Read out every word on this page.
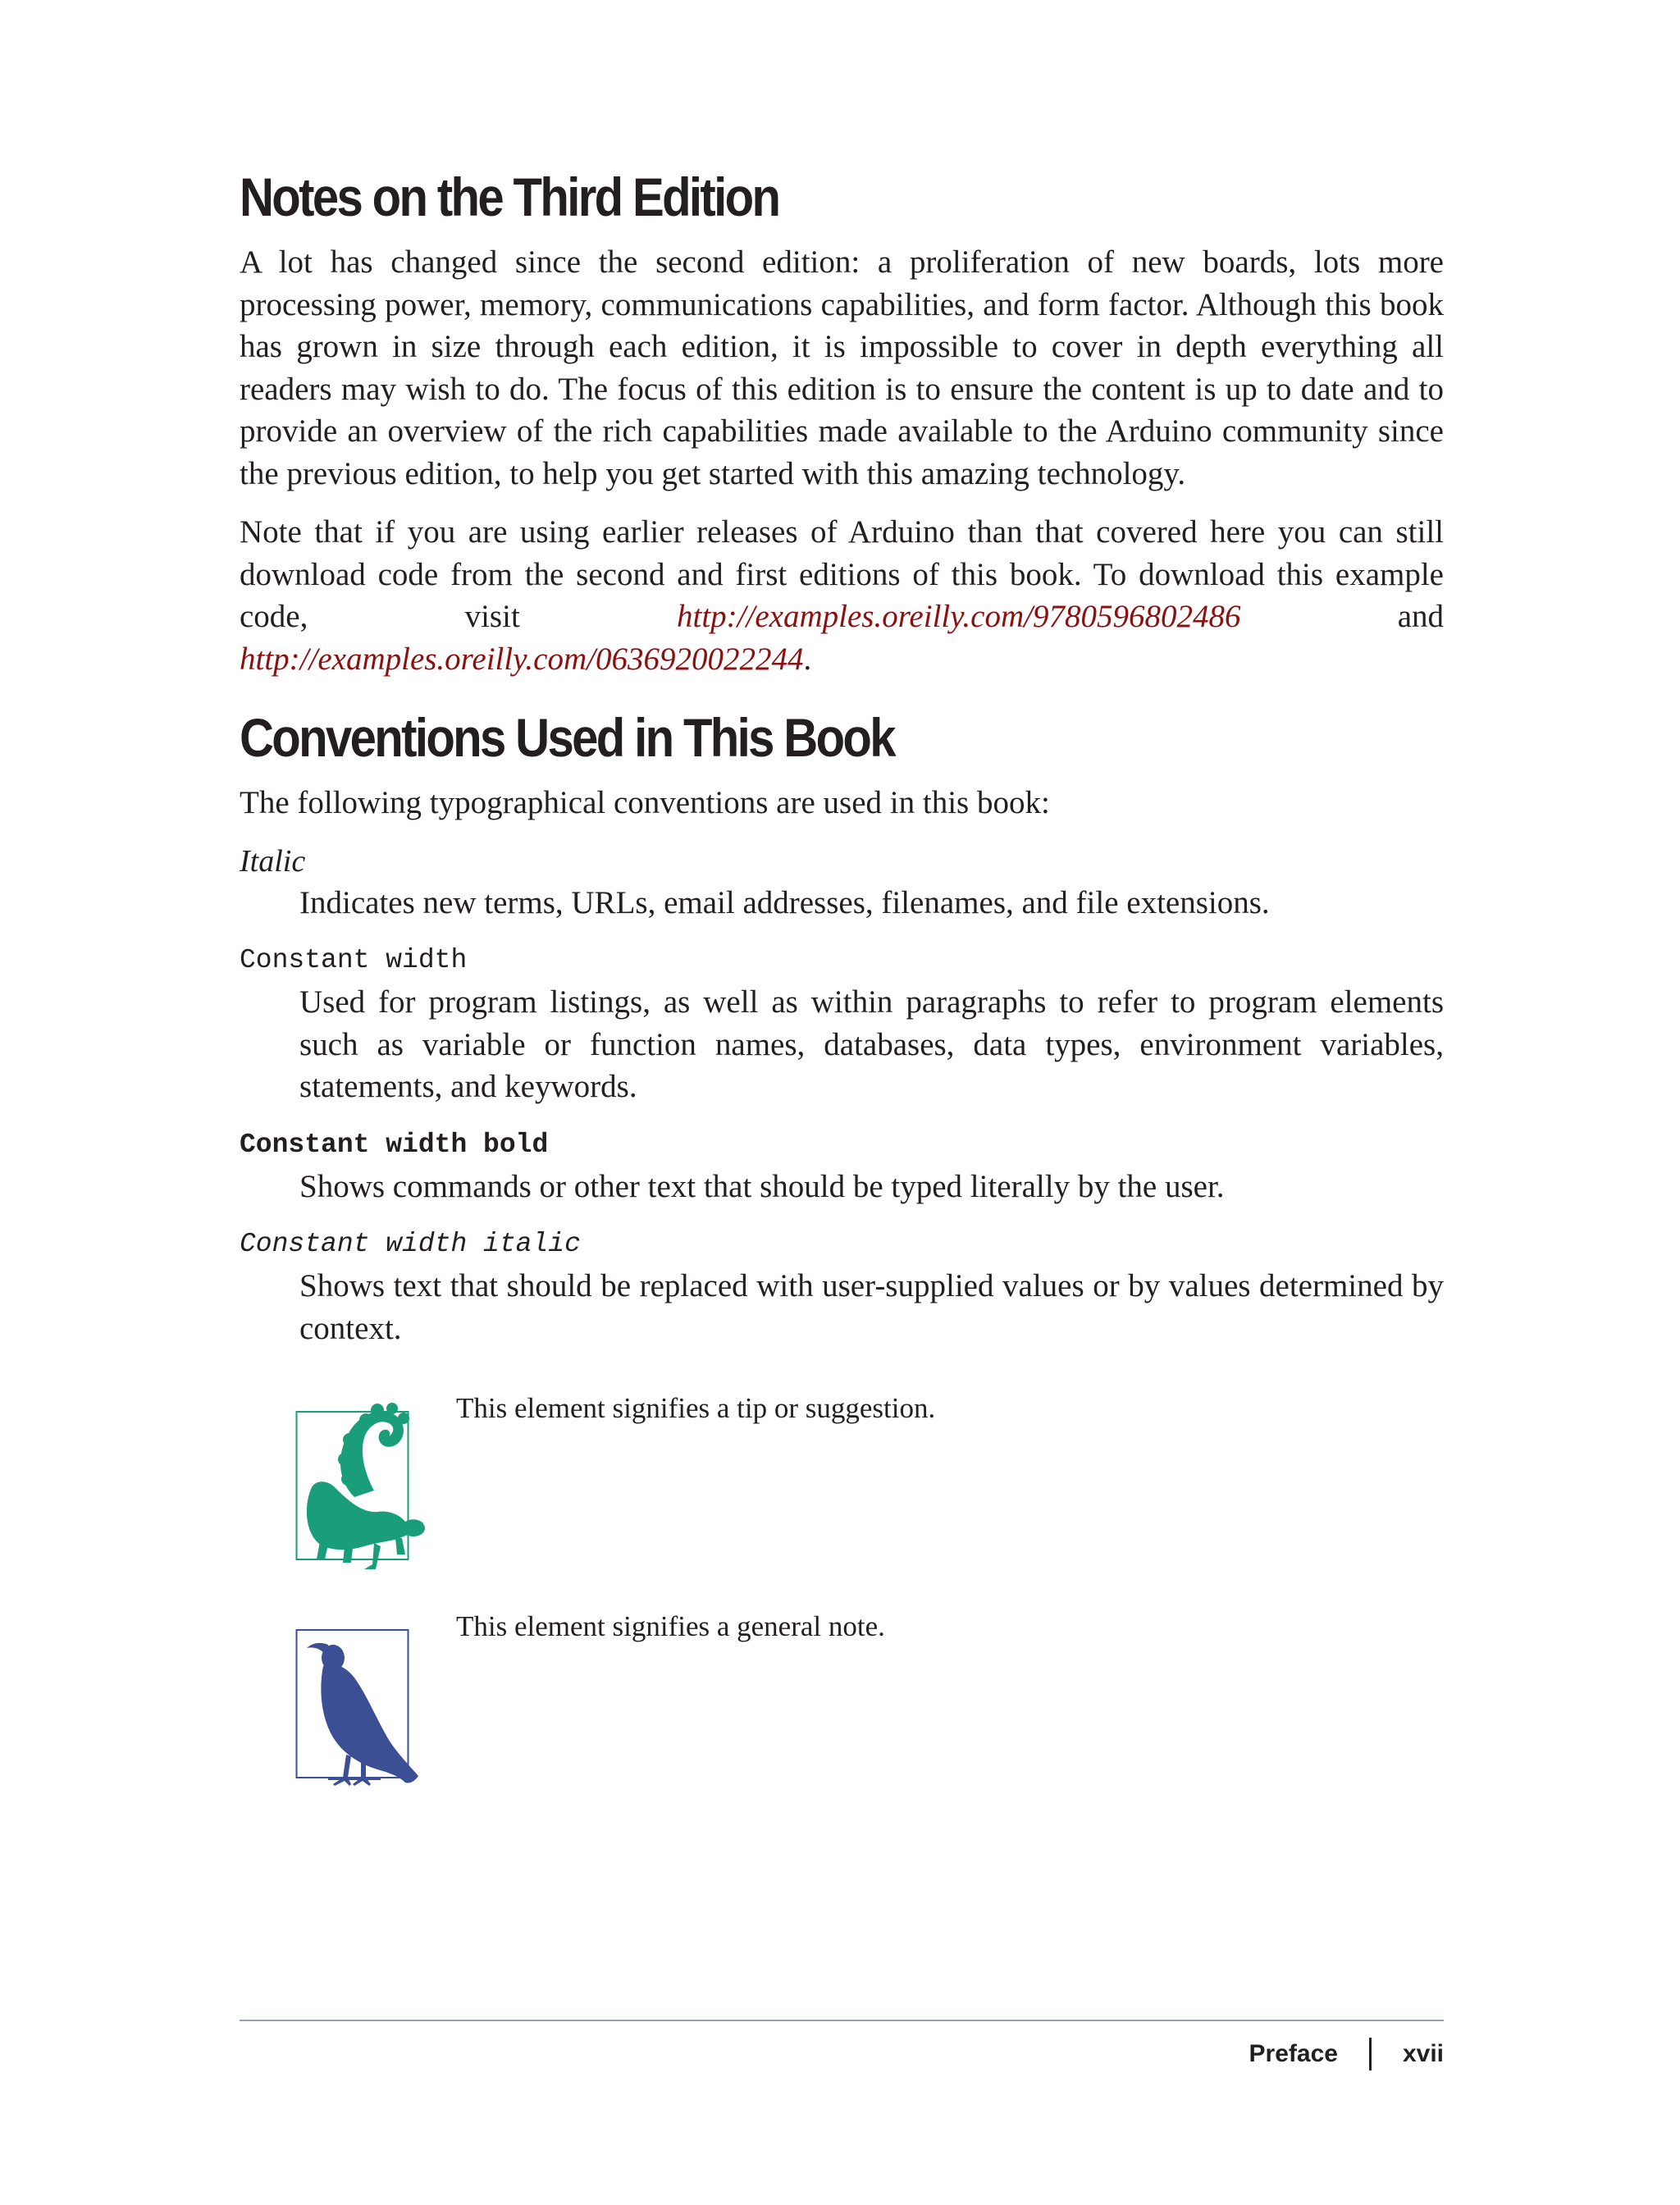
Notes on the Third Edition

A lot has changed since the second edition: a proliferation of new boards, lots more processing power, memory, communications capabilities, and form factor. Although this book has grown in size through each edition, it is impossible to cover in depth everything all readers may wish to do. The focus of this edition is to ensure the content is up to date and to provide an overview of the rich capabilities made available to the Arduino community since the previous edition, to help you get started with this amazing technology.

Note that if you are using earlier releases of Arduino than that covered here you can still download code from the second and first editions of this book. To download this example code, visit	http://examples.oreilly.com/9780596802486	and http://examples.oreilly.com/0636920022244.

Conventions Used in This Book

The following typographical conventions are used in this book:

Italic
Indicates new terms, URLs, email addresses, filenames, and file extensions.
Constant width
Used for program listings, as well as within paragraphs to refer to program elements such as variable or function names, databases, data types, environment variables, statements, and keywords.
Constant width bold
Shows commands or other text that should be typed literally by the user.
Constant width italic
Shows text that should be replaced with user-supplied values or by values determined by context.
This element signifies a tip or suggestion.
This element signifies a general note.
Preface	xvii
